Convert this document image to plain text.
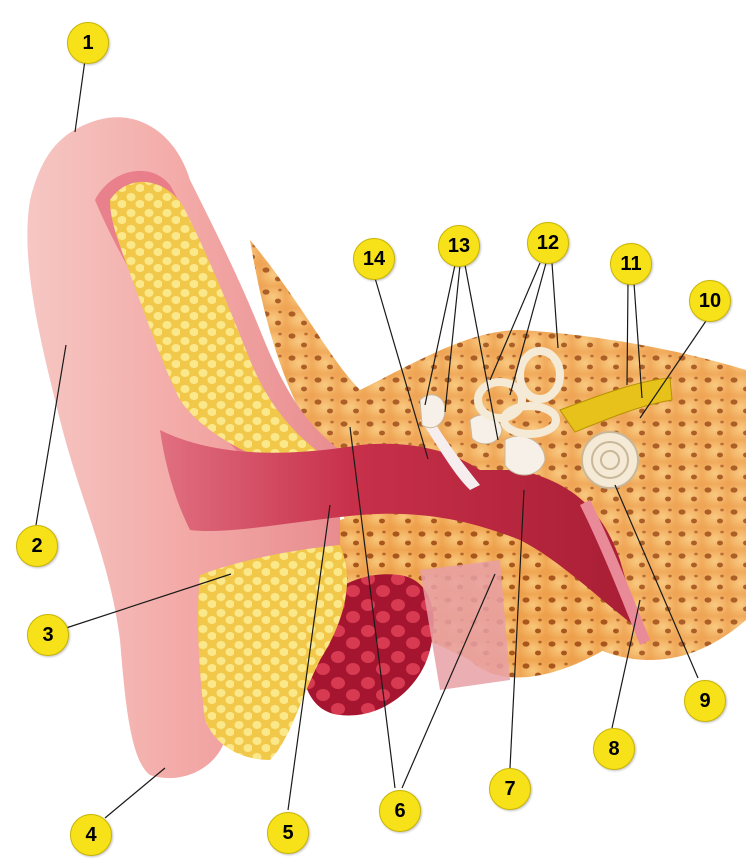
1
2
3
4	5
6
7
8
9
10
11
12
13
14
